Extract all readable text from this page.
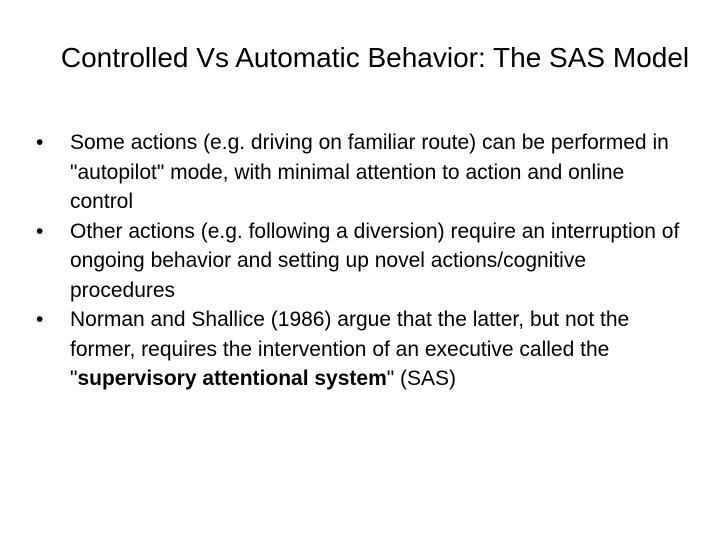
Controlled Vs Automatic Behavior: The SAS Model
•	Some actions (e.g. driving on familiar route) can be performed in "autopilot" mode, with minimal attention to action and online control
•	Other actions (e.g. following a diversion) require an interruption of ongoing behavior and setting up novel actions/cognitive procedures
•	Norman and Shallice (1986) argue that the latter, but not the former, requires the intervention of an executive called the "supervisory attentional system" (SAS)
